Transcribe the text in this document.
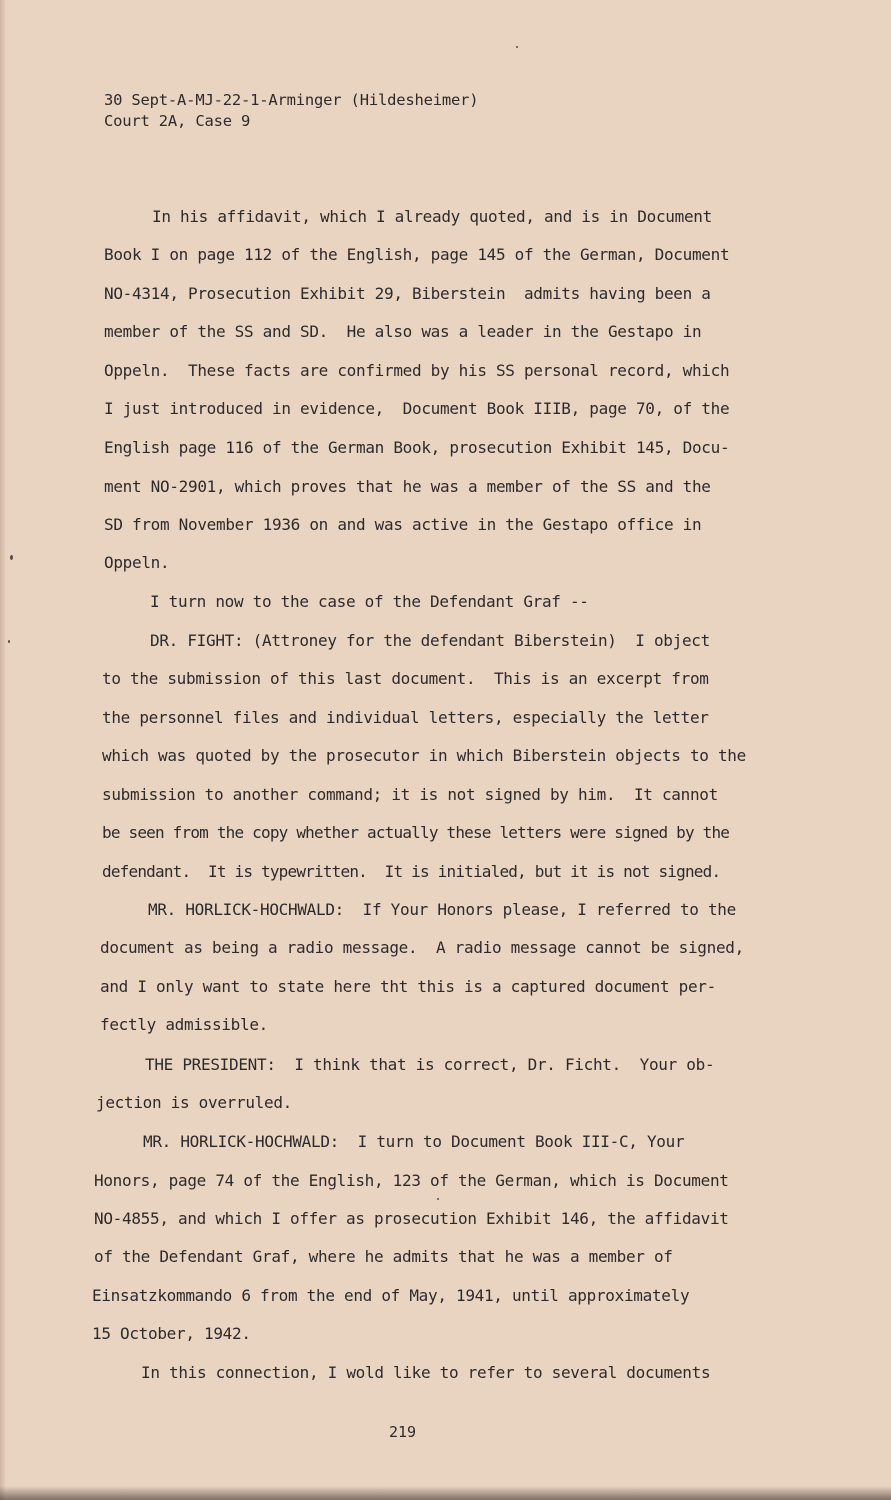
30 Sept-A-MJ-22-1-Arminger (Hildesheimer)
Court 2A, Case 9
In his affidavit, which I already quoted, and is in Document
Book I on page 112 of the English, page 145 of the German, Document
NO-4314, Prosecution Exhibit 29, Biberstein  admits having been a
member of the SS and SD.  He also was a leader in the Gestapo in
Oppeln.  These facts are confirmed by his SS personal record, which
I just introduced in evidence,  Document Book IIIB, page 70, of the
English page 116 of the German Book, prosecution Exhibit 145, Docu-
ment NO-2901, which proves that he was a member of the SS and the
SD from November 1936 on and was active in the Gestapo office in
Oppeln.
I turn now to the case of the Defendant Graf --
DR. FIGHT: (Attroney for the defendant Biberstein)  I object
to the submission of this last document.  This is an excerpt from
the personnel files and individual letters, especially the letter
which was quoted by the prosecutor in which Biberstein objects to the
submission to another command; it is not signed by him.  It cannot
be seen from the copy whether actually these letters were signed by the
defendant.  It is typewritten.  It is initialed, but it is not signed.
MR. HORLICK-HOCHWALD:  If Your Honors please, I referred to the
document as being a radio message.  A radio message cannot be signed,
and I only want to state here tht this is a captured document per-
fectly admissible.
THE PRESIDENT:  I think that is correct, Dr. Ficht.  Your ob-
jection is overruled.
MR. HORLICK-HOCHWALD:  I turn to Document Book III-C, Your
Honors, page 74 of the English, 123 of the German, which is Document
NO-4855, and which I offer as prosecution Exhibit 146, the affidavit
of the Defendant Graf, where he admits that he was a member of
Einsatzkommando 6 from the end of May, 1941, until approximately
15 October, 1942.
In this connection, I wold like to refer to several documents
219
